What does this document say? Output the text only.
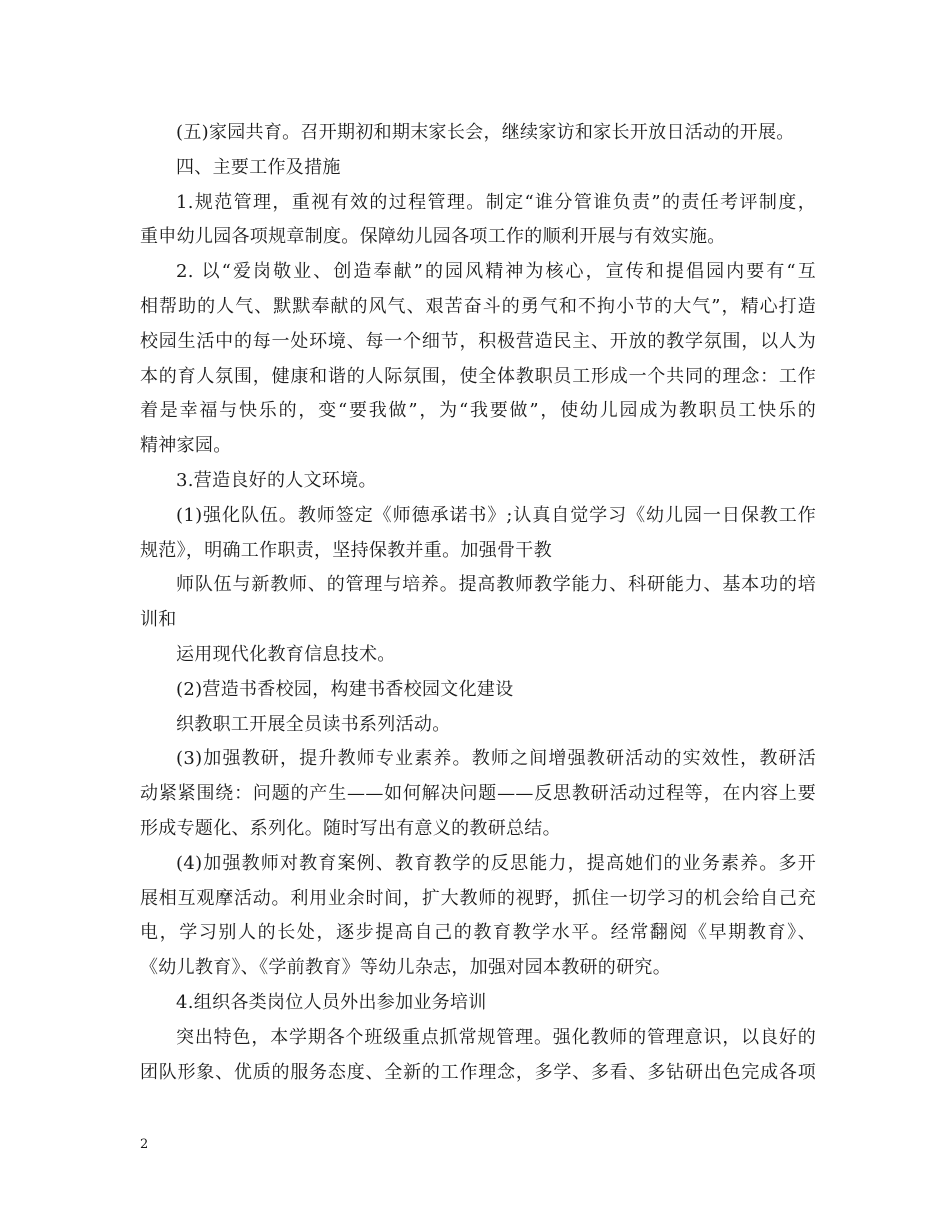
(五)家园共育。召开期初和期末家长会，继续家访和家长开放日活动的开展。
四、主要工作及措施
1.规范管理，重视有效的过程管理。制定“谁分管谁负责”的责任考评制度，
重申幼儿园各项规章制度。保障幼儿园各项工作的顺利开展与有效实施。
2. 以“爱岗敬业、创造奉献”的园风精神为核心，宣传和提倡园内要有“互
相帮助的人气、默默奉献的风气、艰苦奋斗的勇气和不拘小节的大气”，精心打造
校园生活中的每一处环境、每一个细节，积极营造民主、开放的教学氛围，以人为
本的育人氛围，健康和谐的人际氛围，使全体教职员工形成一个共同的理念：工作
着是幸福与快乐的，变“要我做”，为“我要做”，使幼儿园成为教职员工快乐的
精神家园。
3.营造良好的人文环境。
(1)强化队伍。教师签定《师德承诺书》;认真自觉学习《幼儿园一日保教工作
规范》，明确工作职责，坚持保教并重。加强骨干教
师队伍与新教师、的管理与培养。提高教师教学能力、科研能力、基本功的培
训和
运用现代化教育信息技术。
(2)营造书香校园，构建书香校园文化建设
织教职工开展全员读书系列活动。
(3)加强教研，提升教师专业素养。教师之间增强教研活动的实效性，教研活
动紧紧围绕：问题的产生——如何解决问题——反思教研活动过程等，在内容上要
形成专题化、系列化。随时写出有意义的教研总结。
(4)加强教师对教育案例、教育教学的反思能力，提高她们的业务素养。多开
展相互观摩活动。利用业余时间，扩大教师的视野，抓住一切学习的机会给自己充
电，学习别人的长处，逐步提高自己的教育教学水平。经常翻阅《早期教育》、
《幼儿教育》、《学前教育》等幼儿杂志，加强对园本教研的研究。
4.组织各类岗位人员外出参加业务培训
突出特色，本学期各个班级重点抓常规管理。强化教师的管理意识，以良好的
团队形象、优质的服务态度、全新的工作理念，多学、多看、多钻研出色完成各项
2
